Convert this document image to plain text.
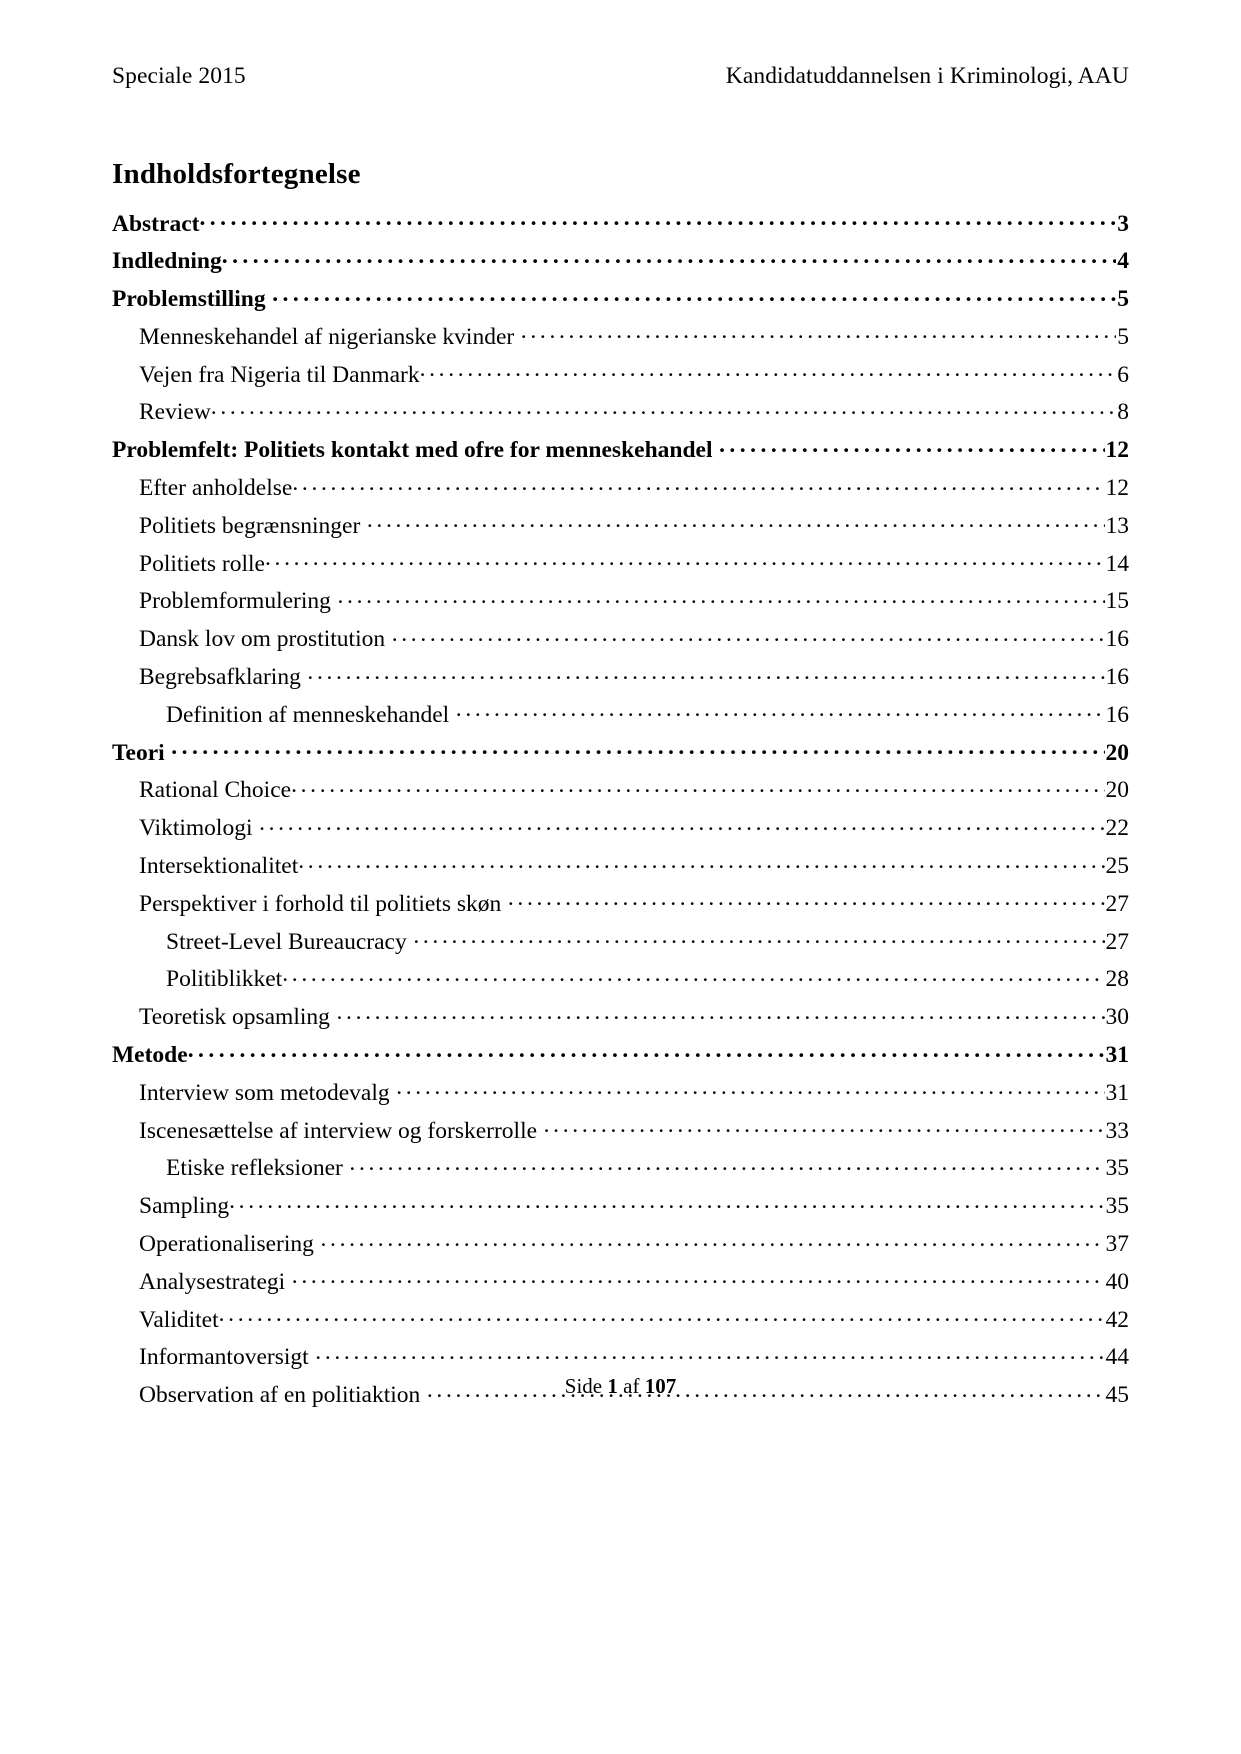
Speciale 2015	Kandidatuddannelsen i Kriminologi, AAU
Indholdsfortegnelse
Abstract . . .	3
Indledning . . .	4
Problemstilling . . .	5
Menneskehandel af nigerianske kvinder . . .	5
Vejen fra Nigeria til Danmark . . .	6
Review . . .	8
Problemfelt: Politiets kontakt med ofre for menneskehandel . . .	12
Efter anholdelse . . .	12
Politiets begrænsninger . . .	13
Politiets rolle . . .	14
Problemformulering . . .	15
Dansk lov om prostitution . . .	16
Begrebsafklaring . . .	16
Definition af menneskehandel . . .	16
Teori . . .	20
Rational Choice . . .	20
Viktimologi . . .	22
Intersektionalitet . . .	25
Perspektiver i forhold til politiets skøn . . .	27
Street-Level Bureaucracy . . .	27
Politiblikket . . .	28
Teoretisk opsamling . . .	30
Metode . . .	31
Interview som metodevalg . . .	31
Iscenesættelse af interview og forskerrolle . . .	33
Etiske refleksioner . . .	35
Sampling . . .	35
Operationalisering . . .	37
Analysestrategi . . .	40
Validitet . . .	42
Informantoversigt . . .	44
Observation af en politiaktion . . .	45
Side 1 af 107
